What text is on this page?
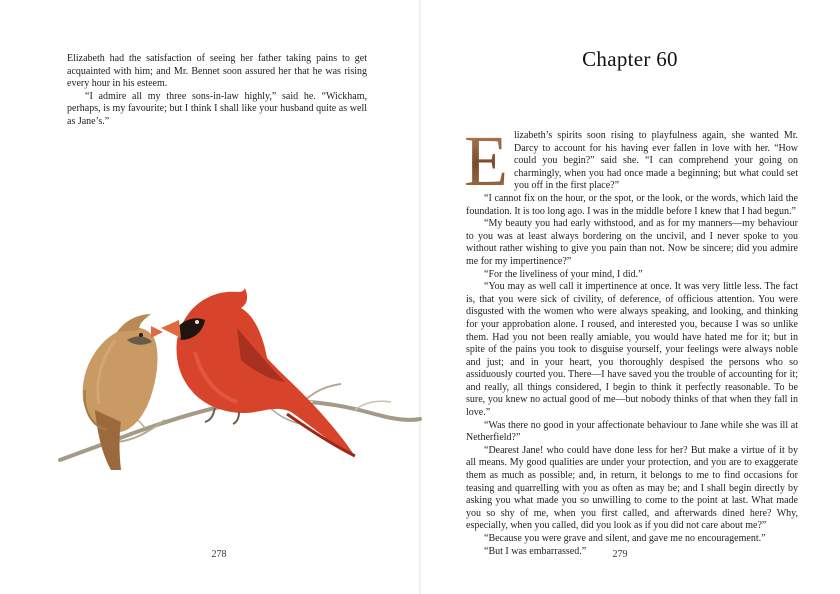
Elizabeth had the satisfaction of seeing her father taking pains to get acquainted with him; and Mr. Bennet soon assured her that he was rising every hour in his esteem.

“I admire all my three sons-in-law highly,” said he. “Wickham, perhaps, is my favourite; but I think I shall like your husband quite as well as Jane’s.”

278
Chapter 60

E lizabeth’s spirits soon rising to playfulness again, she wanted Mr. Darcy to account for his having ever fallen in love with her. “How could you begin?” said she. “I can comprehend your going on charmingly, when you had once made a beginning; but what could set you off in the first place?”

“I cannot fix on the hour, or the spot, or the look, or the words, which laid the foundation. It is too long ago. I was in the middle before I knew that I had begun.”

“My beauty you had early withstood, and as for my manners—my behaviour to you was at least always bordering on the uncivil, and I never spoke to you without rather wishing to give you pain than not. Now be sincere; did you admire me for my impertinence?”

“For the liveliness of your mind, I did.”

“You may as well call it impertinence at once. It was very little less. The fact is, that you were sick of civility, of deference, of officious attention. You were disgusted with the women who were always speaking, and looking, and thinking for your approbation alone. I roused, and interested you, because I was so unlike them. Had you not been really amiable, you would have hated me for it; but in spite of the pains you took to disguise yourself, your feelings were always noble and just; and in your heart, you thoroughly despised the persons who so assiduously courted you. There—I have saved you the trouble of accounting for it; and really, all things considered, I begin to think it perfectly reasonable. To be sure, you knew no actual good of me—but nobody thinks of that when they fall in love.”

“Was there no good in your affectionate behaviour to Jane while she was ill at Netherfield?”

“Dearest Jane! who could have done less for her? But make a virtue of it by all means. My good qualities are under your protection, and you are to exaggerate them as much as possible; and, in return, it belongs to me to find occasions for teasing and quarrelling with you as often as may be; and I shall begin directly by asking you what made you so unwilling to come to the point at last. What made you so shy of me, when you first called, and afterwards dined here? Why, especially, when you called, did you look as if you did not care about me?”

“Because you were grave and silent, and gave me no encouragement.”

“But I was embarrassed.”	279
